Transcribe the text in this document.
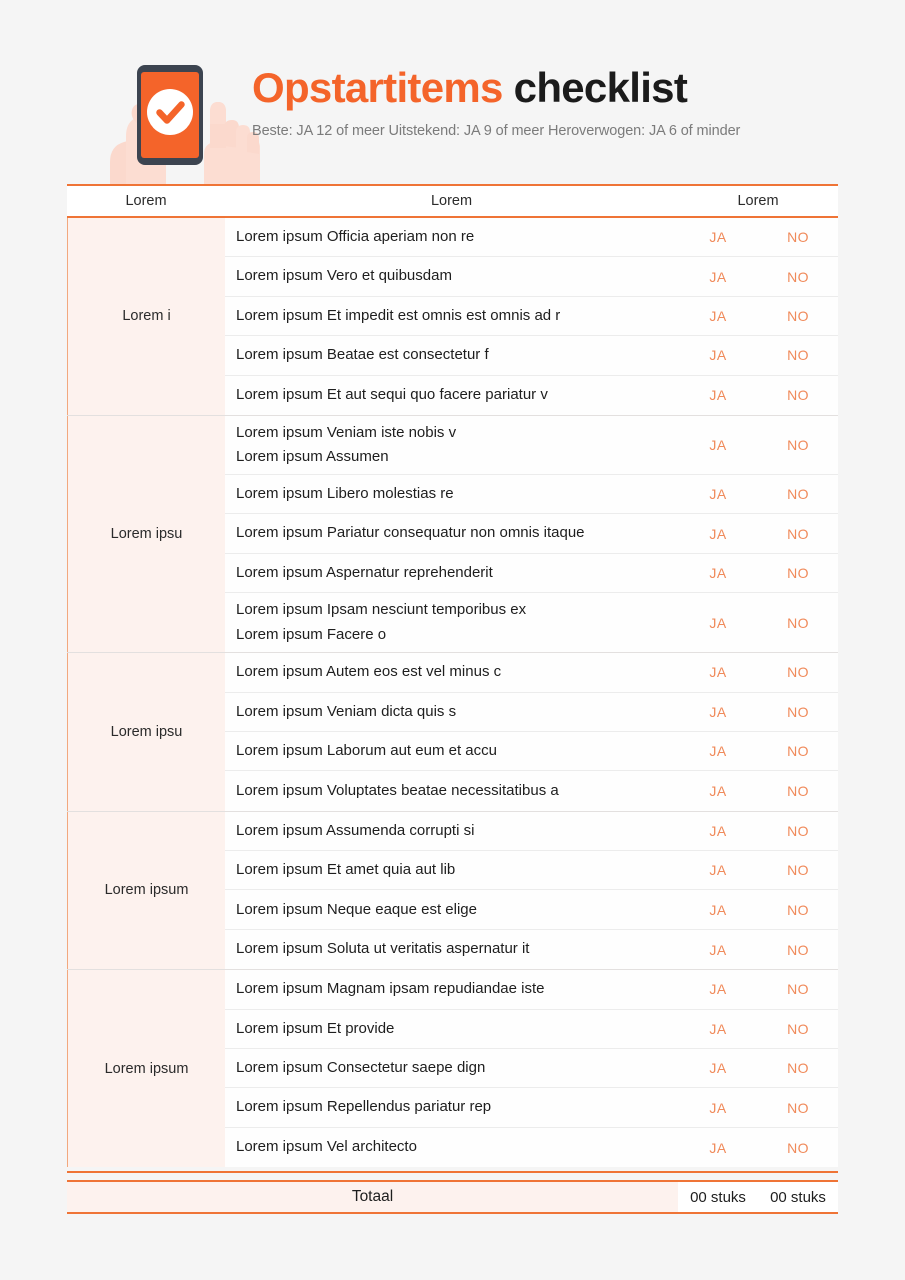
Opstartitems checklist
Beste: JA 12 of meer Uitstekend: JA 9 of meer Heroverwogen: JA 6 of minder
Lorem	Lorem	Lorem
Lorem i
Lorem ipsum Officia aperiam non re	JA	NO
Lorem ipsum Vero et quibusdam	JA	NO
Lorem ipsum Et impedit est omnis est omnis ad r	JA	NO
Lorem ipsum Beatae est consectetur f	JA	NO
Lorem ipsum Et aut sequi quo facere pariatur v	JA	NO
Lorem ipsu
Lorem ipsum Veniam iste nobis v
Lorem ipsum Assumen
JA	NO
Lorem ipsum Libero molestias re	JA	NO
Lorem ipsum Pariatur consequatur non omnis itaque	JA	NO
Lorem ipsum Aspernatur reprehenderit	JA	NO
Lorem ipsum Ipsam nesciunt temporibus ex
Lorem ipsum Facere o
JA	NO
Lorem ipsu
Lorem ipsum Autem eos est vel minus c	JA	NO
Lorem ipsum Veniam dicta quis s	JA	NO
Lorem ipsum Laborum aut eum et accu	JA	NO
Lorem ipsum Voluptates beatae necessitatibus a	JA	NO
Lorem ipsum
Lorem ipsum Assumenda corrupti si	JA	NO
Lorem ipsum Et amet quia aut lib	JA	NO
Lorem ipsum Neque eaque est elige	JA	NO
Lorem ipsum Soluta ut veritatis aspernatur it	JA	NO
Lorem ipsum
Lorem ipsum Magnam ipsam repudiandae iste	JA	NO
Lorem ipsum Et provide	JA	NO
Lorem ipsum Consectetur saepe dign	JA	NO
Lorem ipsum Repellendus pariatur rep	JA	NO
Lorem ipsum Vel architecto	JA	NO
Totaal	00 stuks	00 stuks
